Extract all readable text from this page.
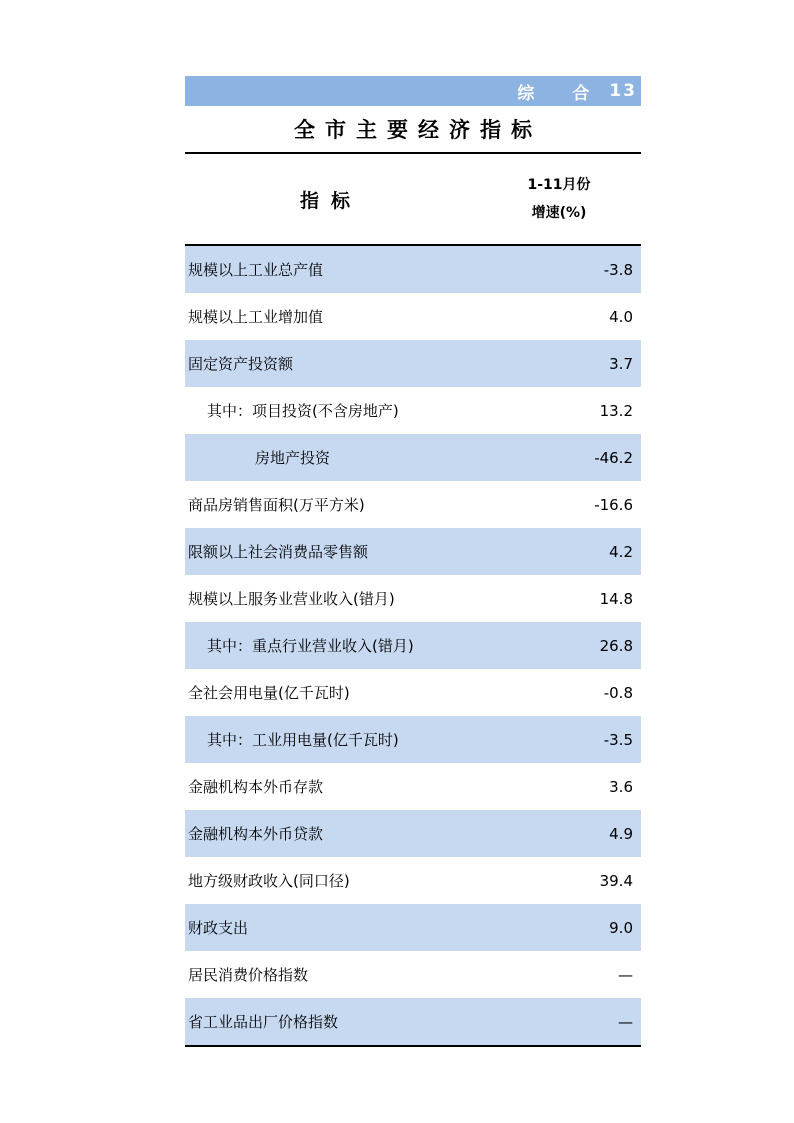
综 合 13
全市主要经济指标
指标
1-11月份
增速(%)
规模以上工业总产值	-3.8
规模以上工业增加值	4.0
固定资产投资额	3.7
其中：项目投资(不含房地产)	13.2
房地产投资	-46.2
商品房销售面积(万平方米)	-16.6
限额以上社会消费品零售额	4.2
规模以上服务业营业收入(错月)	14.8
其中：重点行业营业收入(错月)	26.8
全社会用电量(亿千瓦时)	-0.8
其中：工业用电量(亿千瓦时)	-3.5
金融机构本外币存款	3.6
金融机构本外币贷款	4.9
地方级财政收入(同口径)	39.4
财政支出	9.0
居民消费价格指数	—
省工业品出厂价格指数	—
